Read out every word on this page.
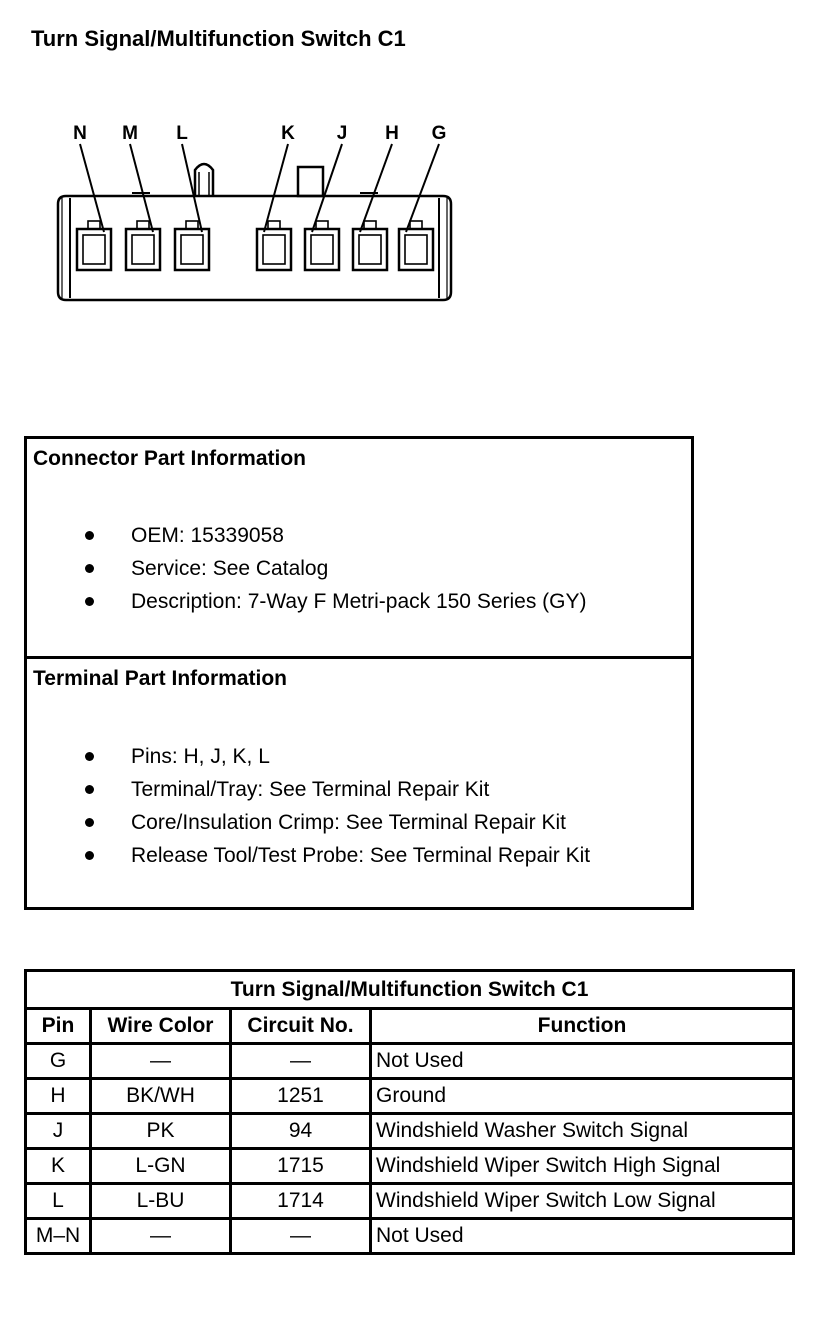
Turn Signal/Multifunction Switch C1
N M L	K J H G
Connector Part Information
OEM: 15339058
Service: See Catalog
Description: 7-Way F Metri-pack 150 Series (GY)
Terminal Part Information
Pins: H, J, K, L
Terminal/Tray: See Terminal Repair Kit
Core/Insulation Crimp: See Terminal Repair Kit
Release Tool/Test Probe: See Terminal Repair Kit
Turn Signal/Multifunction Switch C1			
Pin	Wire Color	Circuit No.	Function
G	—	—	Not Used
H	BK/WH	1251	Ground
J	PK	94	Windshield Washer Switch Signal
K	L-GN	1715	Windshield Wiper Switch High Signal
L	L-BU	1714	Windshield Wiper Switch Low Signal
M–N	—	—	Not Used
